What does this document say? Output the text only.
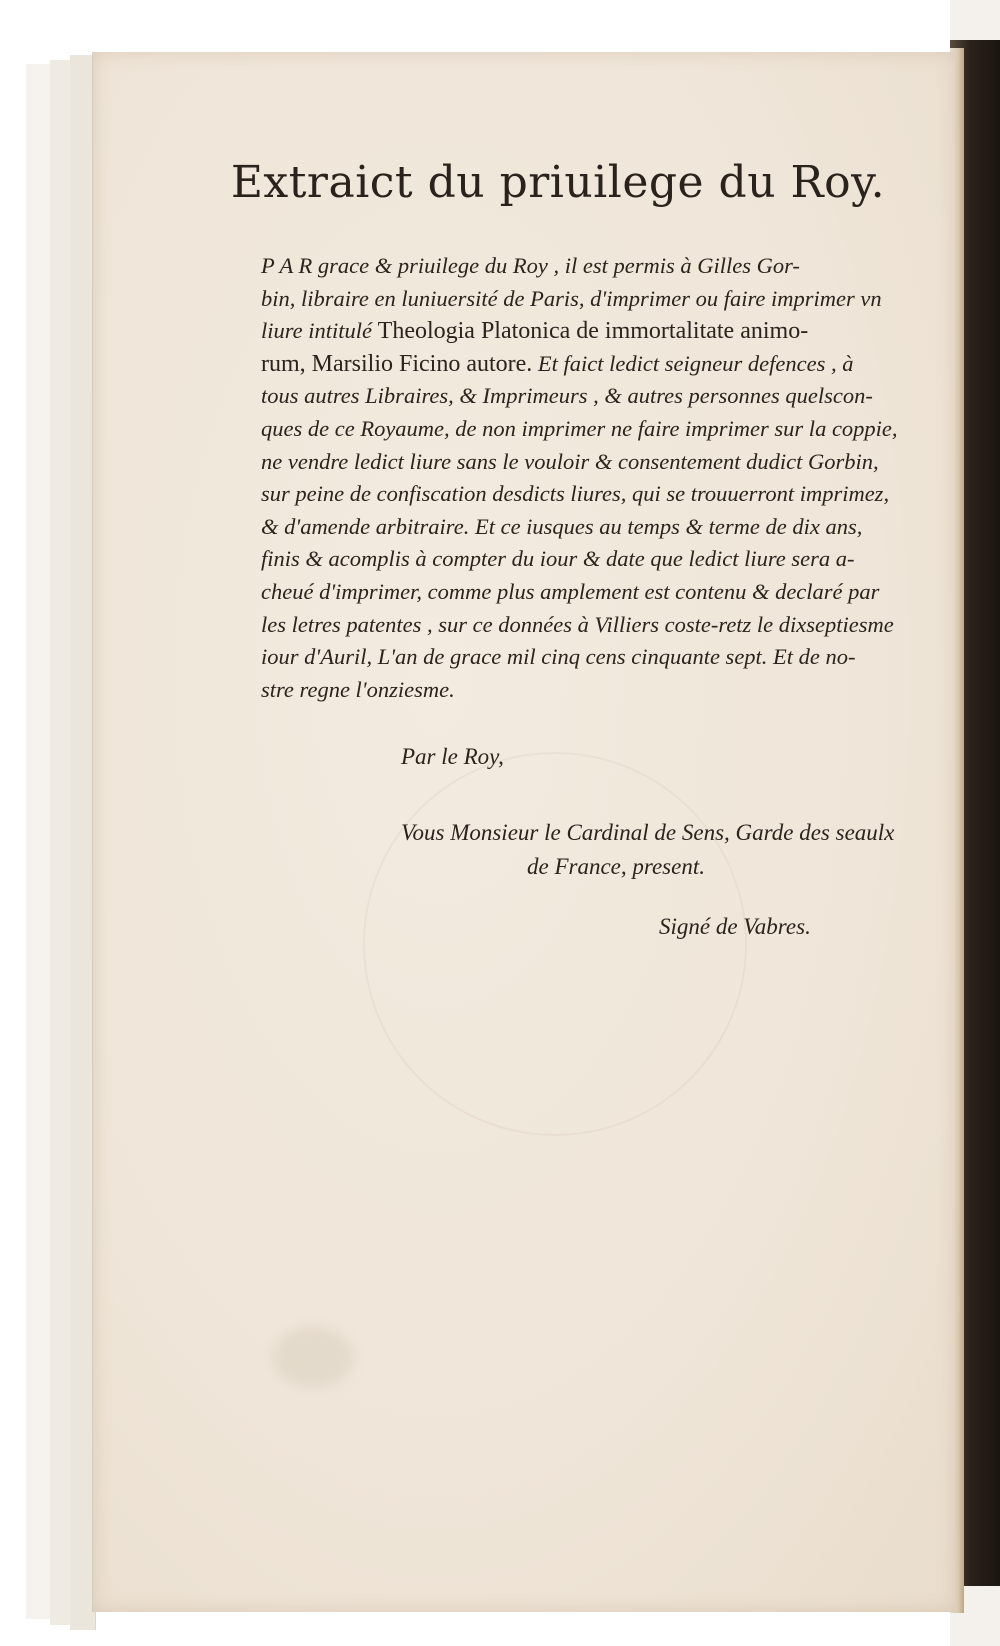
Extraict du priuilege du Roy.
P A R grace & priuilege du Roy , il est permis à Gilles Gor-
bin, libraire en luniuersité de Paris, d'imprimer ou faire imprimer vn
liure intitulé Theologia Platonica de immortalitate animo-
rum, Marsilio Ficino autore. Et faict ledict seigneur defences , à
tous autres Libraires, & Imprimeurs , & autres personnes quelscon-
ques de ce Royaume, de non imprimer ne faire imprimer sur la coppie,
ne vendre ledict liure sans le vouloir & consentement dudict Gorbin,
sur peine de confiscation desdicts liures, qui se trouuerront imprimez,
& d'amende arbitraire. Et ce iusques au temps & terme de dix ans,
finis & acomplis à compter du iour & date que ledict liure sera a-
cheué d'imprimer, comme plus amplement est contenu & declaré par
les letres patentes , sur ce données à Villiers coste-retz le dixseptiesme
iour d'Auril, L'an de grace mil cinq cens cinquante sept. Et de no-
stre regne l'onziesme.
Par le Roy,
Vous Monsieur le Cardinal de Sens, Garde des seaulx
de France, present.
Signé de Vabres.
